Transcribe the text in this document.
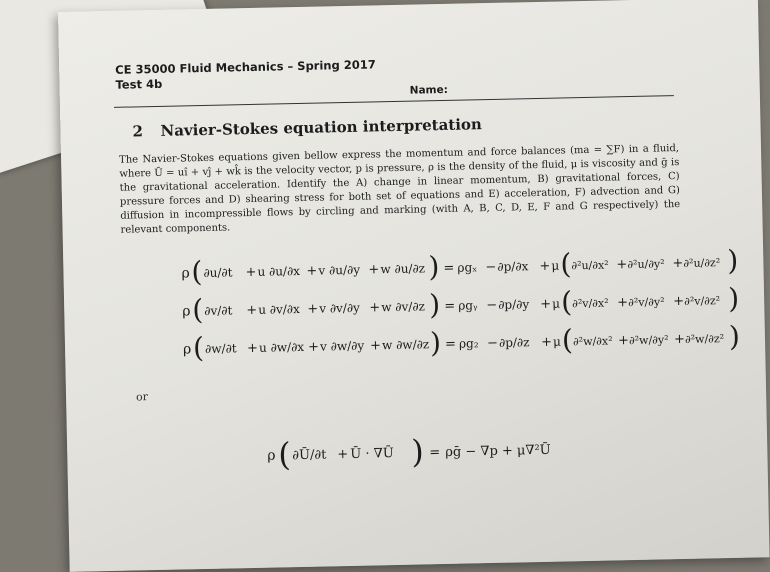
CE 35000 Fluid Mechanics – Spring 2017
Test 4b	Name:
2 Navier-Stokes equation interpretation
The Navier-Stokes equations given bellow express the momentum and force balances (ma = ∑F) in a fluid, where Ū = uî + vĵ + wk̂ is the velocity vector, p is pressure, ρ is the density of the fluid, μ is viscosity and ḡ is the gravitational acceleration. Identify the A) change in linear momentum, B) gravitational forces, C) pressure forces and D) shearing stress for both set of equations and E) acceleration, F) advection and G) diffusion in incompressible flows by circling and marking (with A, B, C, D, E, F and G respectively) the relevant components.
ρ ( ∂u/∂t + u ∂u/∂x + v ∂u/∂y + w ∂u/∂z ) = ρgₓ − ∂p/∂x + μ ( ∂²u/∂x² + ∂²u/∂y² + ∂²u/∂z² )
ρ ( ∂v/∂t + u ∂v/∂x + v ∂v/∂y + w ∂v/∂z ) = ρgᵧ − ∂p/∂y + μ ( ∂²v/∂x² + ∂²v/∂y² + ∂²v/∂z² )
ρ ( ∂w/∂t + u ∂w/∂x + v ∂w/∂y + w ∂w/∂z ) = ρg₂ − ∂p/∂z + μ ( ∂²w/∂x² + ∂²w/∂y² + ∂²w/∂z² )
ρ ( ∂Ū/∂t + Ū · ∇Ū ) = ρḡ − ∇p + μ∇²Ū
or
